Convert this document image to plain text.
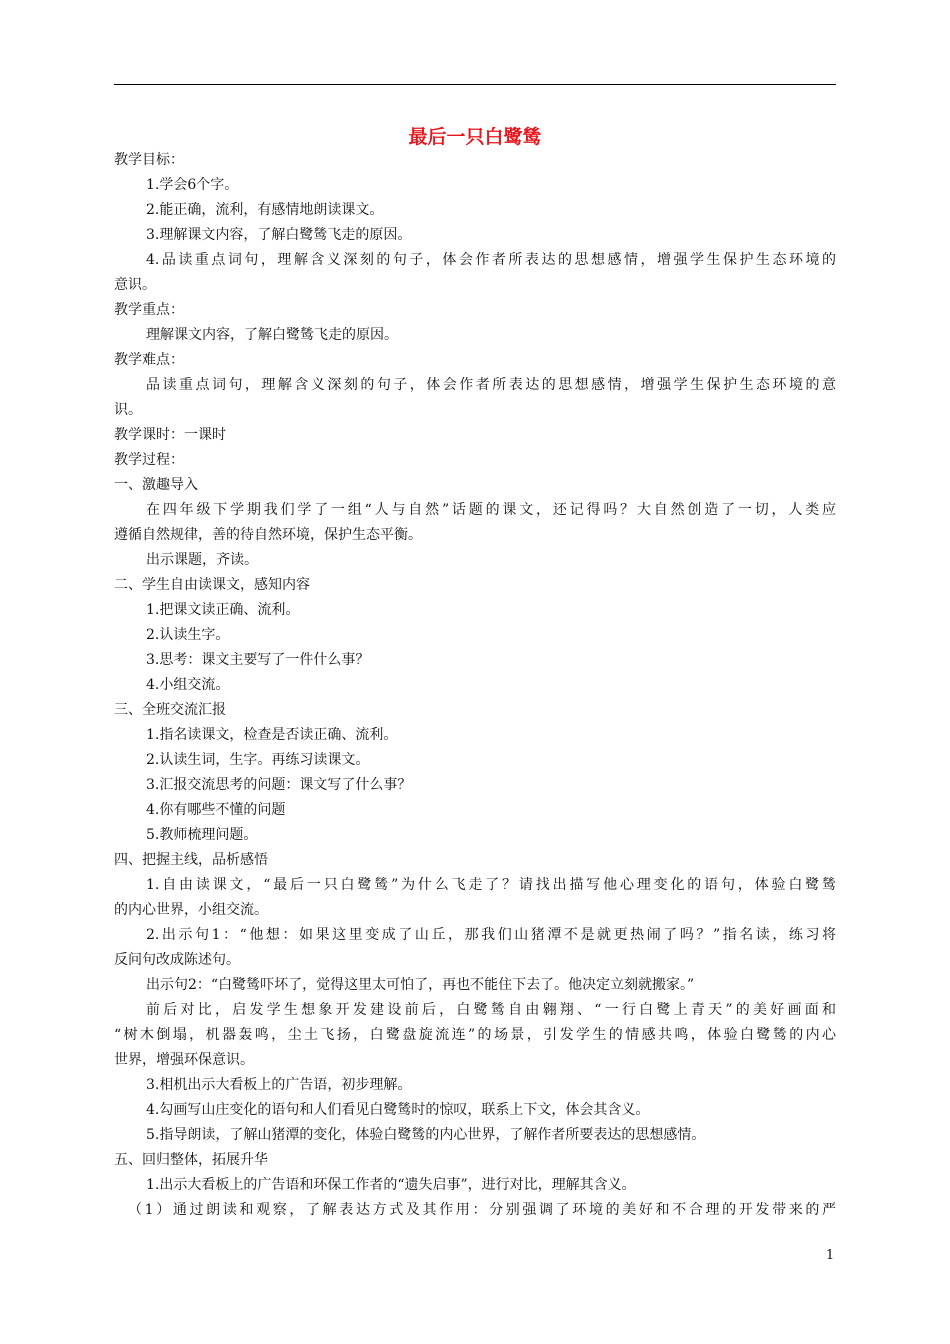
最后一只白鹭鸶
教学目标：
1.学会6个字。
2.能正确，流利，有感情地朗读课文。
3.理解课文内容，了解白鹭鸶飞走的原因。
4.品读重点词句，理解含义深刻的句子，体会作者所表达的思想感情，增强学生保护生态环境的
意识。
教学重点：
理解课文内容，了解白鹭鸶飞走的原因。
教学难点：
品读重点词句，理解含义深刻的句子，体会作者所表达的思想感情，增强学生保护生态环境的意
识。
教学课时：一课时
教学过程：
一、激趣导入
在四年级下学期我们学了一组“人与自然”话题的课文，还记得吗？大自然创造了一切，人类应
遵循自然规律，善的待自然环境，保护生态平衡。
出示课题，齐读。
二、学生自由读课文，感知内容
1.把课文读正确、流利。
2.认读生字。
3.思考：课文主要写了一件什么事？
4.小组交流。
三、全班交流汇报
1.指名读课文，检查是否读正确、流利。
2.认读生词，生字。再练习读课文。
3.汇报交流思考的问题：课文写了什么事？
4.你有哪些不懂的问题
5.教师梳理问题。
四、把握主线，品析感悟
1.自由读课文，“最后一只白鹭鸶”为什么飞走了？请找出描写他心理变化的语句，体验白鹭鸶
的内心世界，小组交流。
2.出示句1：“他想：如果这里变成了山丘，那我们山猪潭不是就更热闹了吗？”指名读，练习将
反问句改成陈述句。
出示句2：“白鹭鸶吓坏了，觉得这里太可怕了，再也不能住下去了。他决定立刻就搬家。”
前后对比，启发学生想象开发建设前后，白鹭鸶自由翱翔、“一行白鹭上青天”的美好画面和
“树木倒塌，机器轰鸣，尘土飞扬，白鹭盘旋流连”的场景，引发学生的情感共鸣，体验白鹭鸶的内心
世界，增强环保意识。
3.相机出示大看板上的广告语，初步理解。
4.勾画写山庄变化的语句和人们看见白鹭鸶时的惊叹，联系上下文，体会其含义。
5.指导朗读，了解山猪潭的变化，体验白鹭鸶的内心世界，了解作者所要表达的思想感情。
五、回归整体，拓展升华
1.出示大看板上的广告语和环保工作者的“遗失启事”，进行对比，理解其含义。
（1）通过朗读和观察，了解表达方式及其作用：分别强调了环境的美好和不合理的开发带来的严
1
